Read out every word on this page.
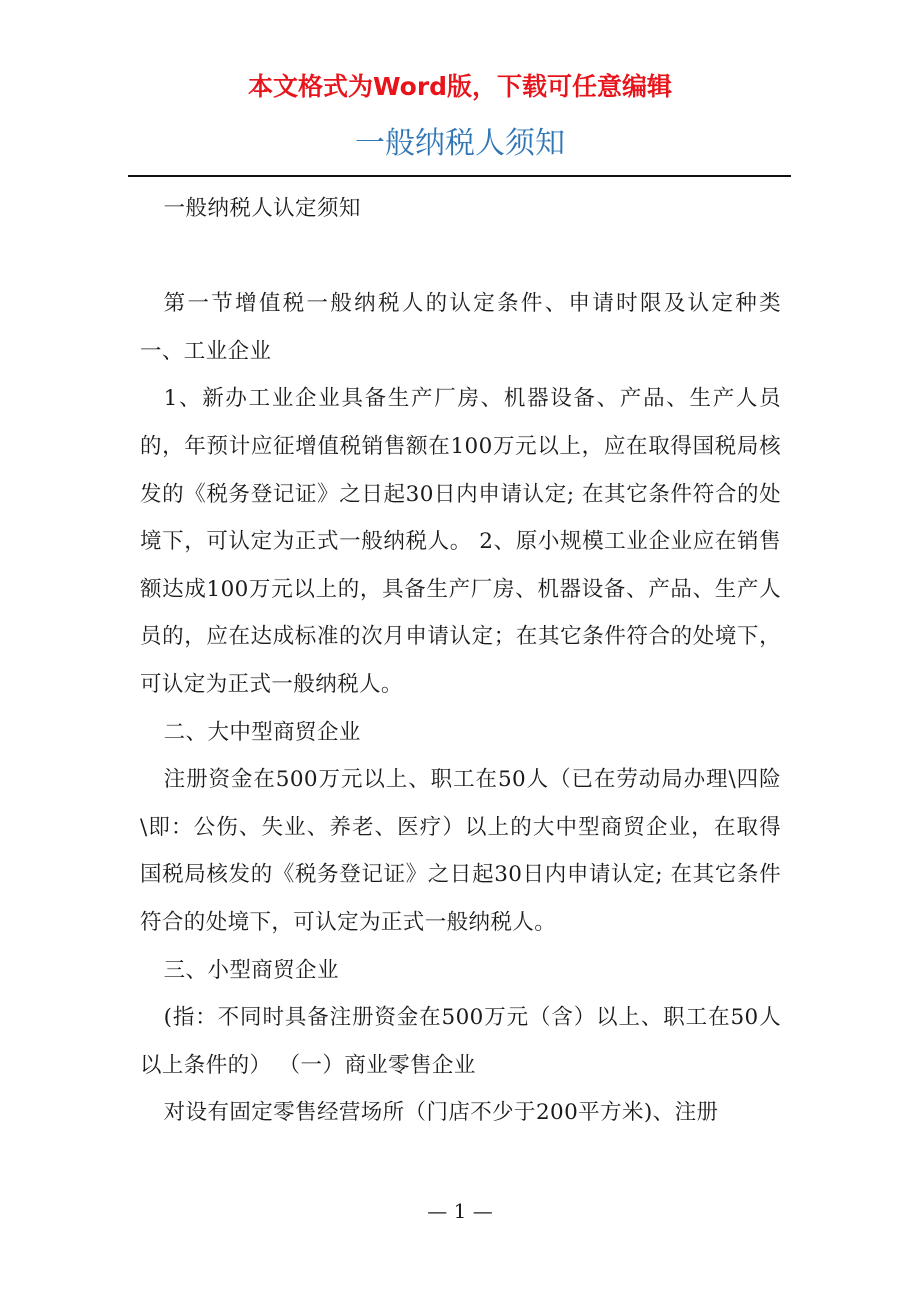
本文格式为Word版，下载可任意编辑
一般纳税人须知

一般纳税人认定须知

第一节增值税一般纳税人的认定条件、申请时限及认定种类 一、工业企业

1、新办工业企业具备生产厂房、机器设备、产品、生产人员的，年预计应征增值税销售额在100万元以上，应在取得国税局核发的《税务登记证》之日起30日内申请认定; 在其它条件符合的处境下，可认定为正式一般纳税人。 2、原小规模工业企业应在销售额达成100万元以上的，具备生产厂房、机器设备、产品、生产人员的，应在达成标准的次月申请认定；在其它条件符合的处境下，可认定为正式一般纳税人。

二、大中型商贸企业

注册资金在500万元以上、职工在50人（已在劳动局办理\四险\即：公伤、失业、养老、医疗）以上的大中型商贸企业，在取得国税局核发的《税务登记证》之日起30日内申请认定; 在其它条件符合的处境下，可认定为正式一般纳税人。

三、小型商贸企业

(指：不同时具备注册资金在500万元（含）以上、职工在50人以上条件的） （一）商业零售企业

对设有固定零售经营场所（门店不少于200平方米)、注册

— 1 —
